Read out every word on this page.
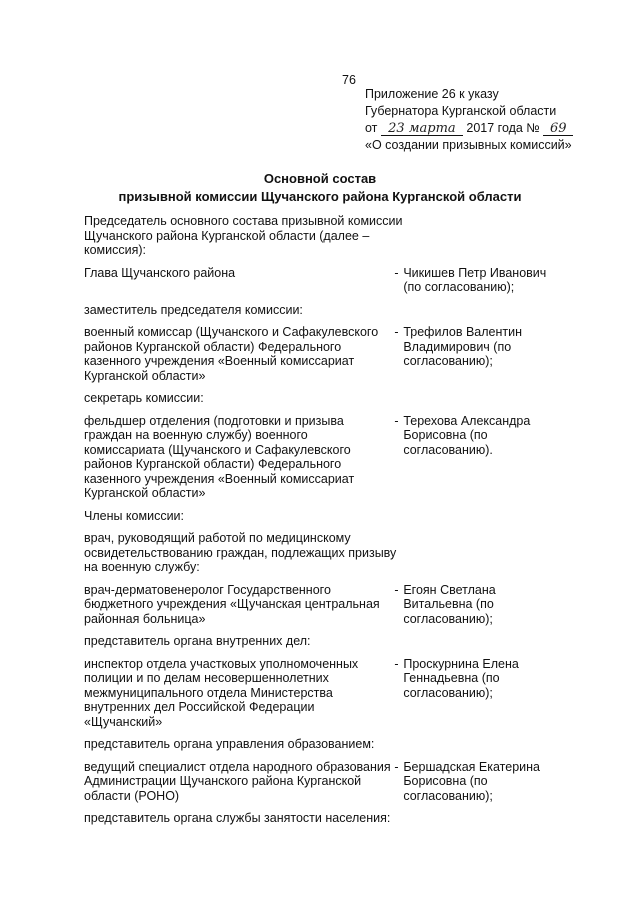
76
Приложение 26 к указу
Губернатора Курганской области
от 23 марта 2017 года № 69
«О создании призывных комиссий»
Основной состав
призывной комиссии Щучанского района Курганской области
Председатель основного состава призывной комиссии Щучанского района Курганской области (далее – комиссия):
Глава Щучанского района	- Чикишев Петр Иванович (по согласованию);
заместитель председателя комиссии:
военный комиссар (Щучанского и Сафакулевского районов Курганской области) Федерального казенного учреждения «Военный комиссариат Курганской области»
- Трефилов Валентин Владимирович (по согласованию);
секретарь комиссии:
фельдшер отделения (подготовки и призыва граждан на военную службу) военного комиссариата (Щучанского и Сафакулевского районов Курганской области) Федерального казенного учреждения «Военный комиссариат Курганской области»
- Терехова Александра Борисовна (по согласованию).
Члены комиссии:
врач, руководящий работой по медицинскому освидетельствованию граждан, подлежащих призыву на военную службу:
врач-дерматовенеролог Государственного бюджетного учреждения «Щучанская центральная районная больница»
- Егоян Светлана Витальевна (по согласованию);
представитель органа внутренних дел:
инспектор отдела участковых уполномоченных полиции и по делам несовершеннолетних межмуниципального отдела Министерства внутренних дел Российской Федерации «Щучанский»
- Проскурнина Елена Геннадьевна (по согласованию);
представитель органа управления образованием:
ведущий специалист отдела народного образования Администрации Щучанского района Курганской области (РОНО)
- Бершадская Екатерина Борисовна (по согласованию);
представитель органа службы занятости населения:
